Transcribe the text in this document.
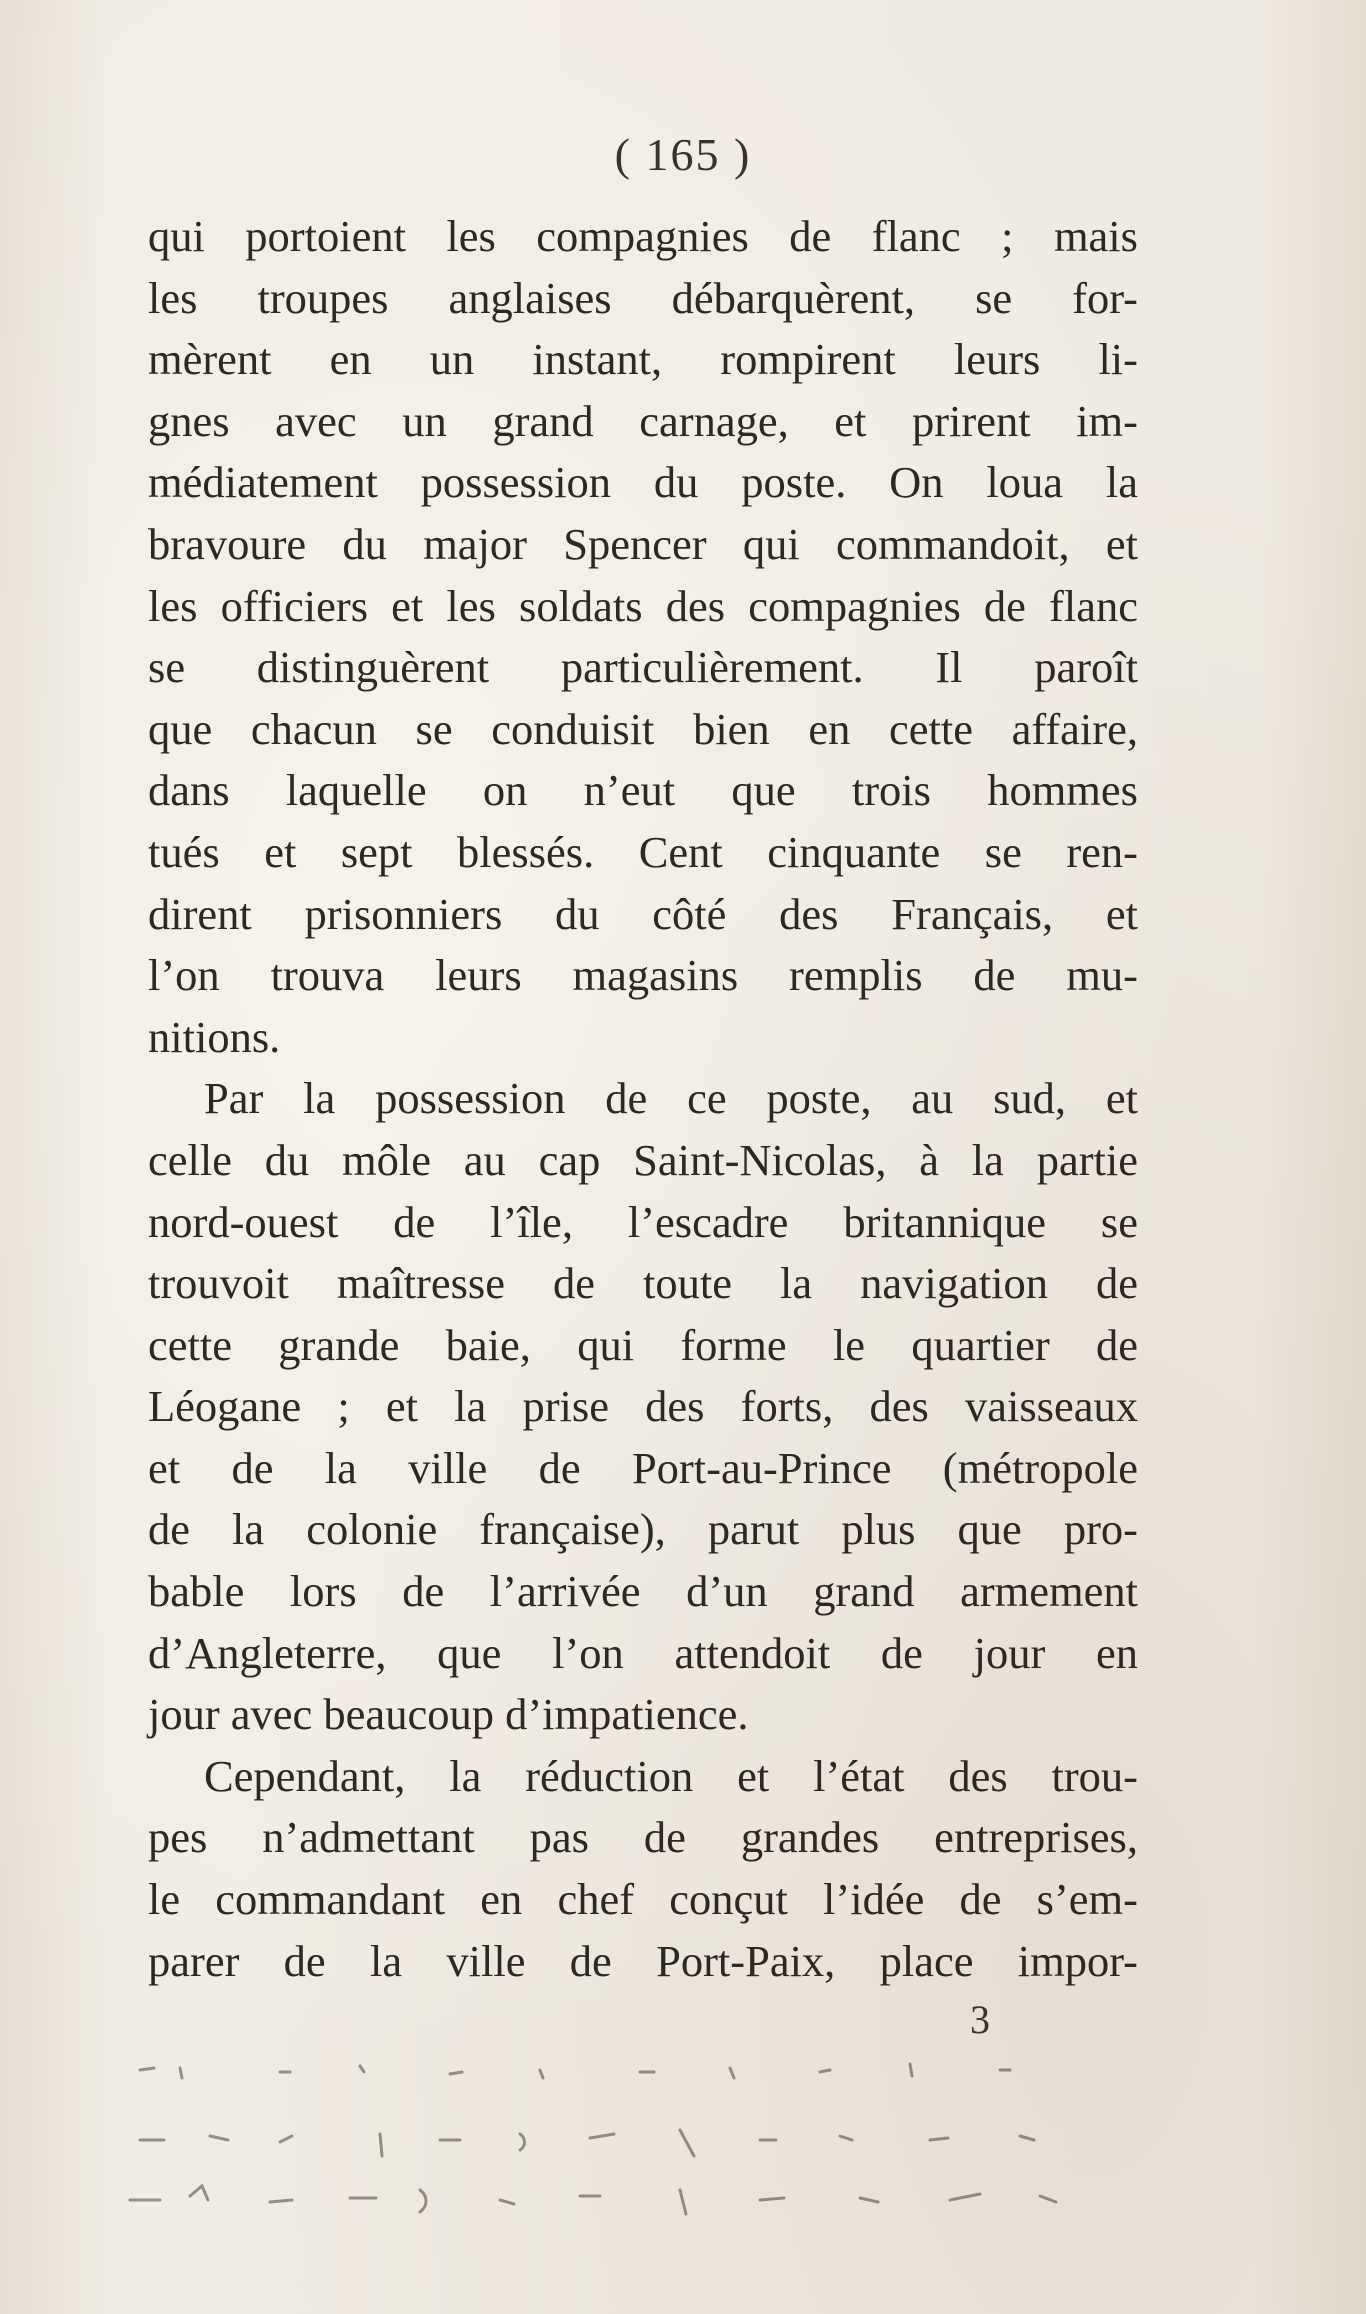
( 165 )
qui portoient les compagnies de flanc ; mais
les troupes anglaises débarquèrent, se for-
mèrent en un instant, rompirent leurs li-
gnes avec un grand carnage, et prirent im-
médiatement possession du poste. On loua la
bravoure du major Spencer qui commandoit, et
les officiers et les soldats des compagnies de flanc
se distinguèrent particulièrement. Il paroît
que chacun se conduisit bien en cette affaire,
dans laquelle on n’eut que trois hommes
tués et sept blessés. Cent cinquante se ren-
dirent prisonniers du côté des Français, et
l’on trouva leurs magasins remplis de mu-
nitions.
Par la possession de ce poste, au sud, et
celle du môle au cap Saint-Nicolas, à la partie
nord-ouest de l’île, l’escadre britannique se
trouvoit maîtresse de toute la navigation de
cette grande baie, qui forme le quartier de
Léogane ; et la prise des forts, des vaisseaux
et de la ville de Port-au-Prince (métropole
de la colonie française), parut plus que pro-
bable lors de l’arrivée d’un grand armement
d’Angleterre, que l’on attendoit de jour en
jour avec beaucoup d’impatience.
Cependant, la réduction et l’état des trou-
pes n’admettant pas de grandes entreprises,
le commandant en chef conçut l’idée de s’em-
parer de la ville de Port-Paix, place impor-
3
